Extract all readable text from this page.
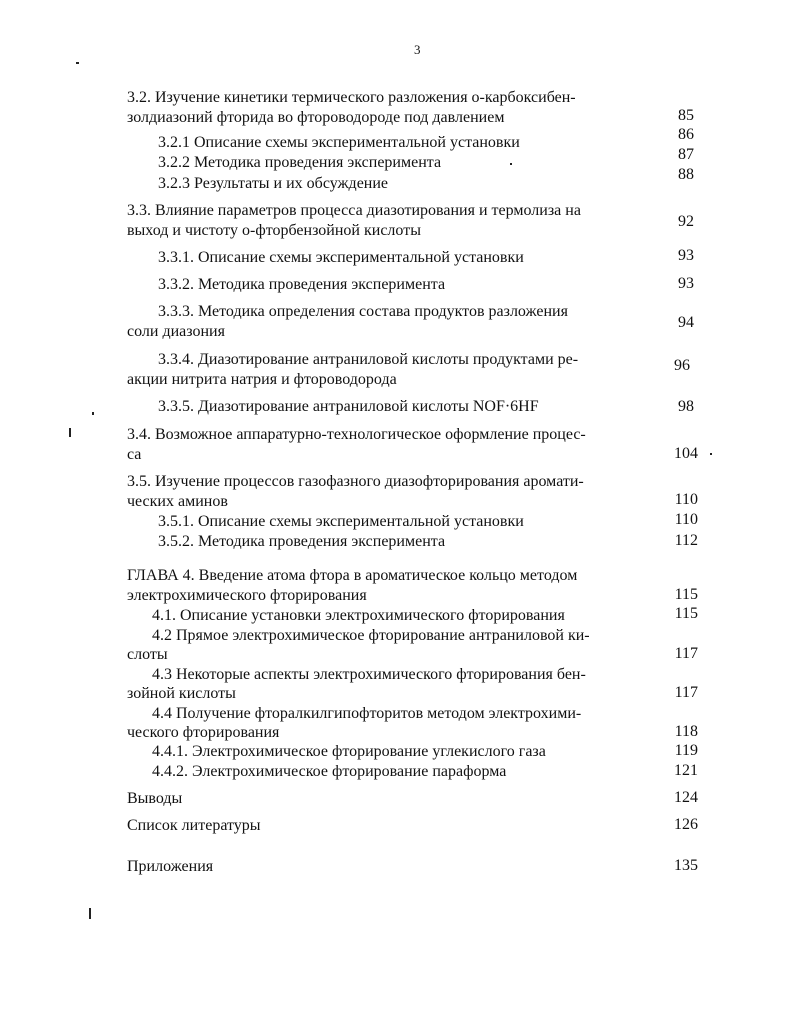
3
3.2. Изучение кинетики термического разложения о-карбоксибен-
золдиазоний фторида во фтороводороде под давлением	85
3.2.1 Описание схемы экспериментальной установки	86
3.2.2 Методика проведения эксперимента	87
3.2.3 Результаты и их обсуждение
88
3.3. Влияние параметров процесса диазотирования и термолиза на
выход и чистоту о-фторбензойной кислоты
92
3.3.1. Описание схемы экспериментальной установки	93
3.3.2. Методика проведения эксперимента	93
3.3.3. Методика определения состава продуктов разложения
соли диазония
94
3.3.4. Диазотирование антраниловой кислоты продуктами ре-
акции нитрита натрия и фтороводорода
96
3.3.5. Диазотирование антраниловой кислоты NOF·6HF	98
3.4. Возможное аппаратурно-технологическое оформление процес-
са	104
3.5. Изучение процессов газофазного диазофторирования аромати-
ческих аминов	110
3.5.1. Описание схемы экспериментальной установки	110
3.5.2. Методика проведения эксперимента	112
ГЛАВА 4. Введение атома фтора в ароматическое кольцо методом
электрохимического фторирования	115
4.1. Описание установки электрохимического фторирования	115
4.2 Прямое электрохимическое фторирование антраниловой ки-
слоты	117
4.3 Некоторые аспекты электрохимического фторирования бен-
зойной кислоты	117
4.4 Получение фторалкилгипофторитов методом электрохими-
ческого фторирования	118
4.4.1. Электрохимическое фторирование углекислого газа	119
4.4.2. Электрохимическое фторирование параформа	121
Выводы	124
Список литературы	126
Приложения	135
